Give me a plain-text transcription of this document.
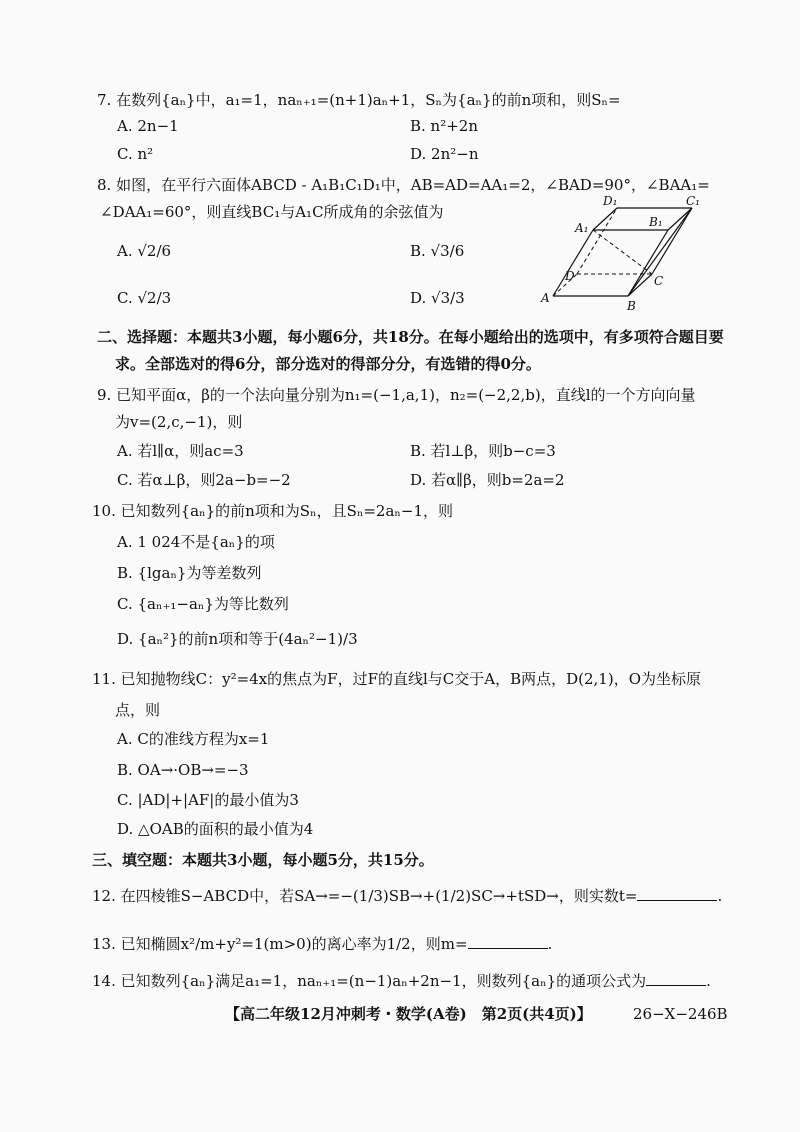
7. 在数列{aₙ}中，a₁=1，naₙ₊₁=(n+1)aₙ+1，Sₙ为{aₙ}的前n项和，则Sₙ=
A. 2n−1	B. n²+2n
C. n²	D. 2n²−n
8. 如图，在平行六面体ABCD - A₁B₁C₁D₁中，AB=AD=AA₁=2，∠BAD=90°，∠BAA₁=
∠DAA₁=60°，则直线BC₁与A₁C所成角的余弦值为
A. √2/6	B. √3/6
C. √2/3	D. √3/3	A
B
C
D
A₁	B₁
C₁
D₁
二、选择题：本题共3小题，每小题6分，共18分。在每小题给出的选项中，有多项符合题目要
求。全部选对的得6分，部分选对的得部分分，有选错的得0分。
9. 已知平面α，β的一个法向量分别为n₁=(−1,a,1)，n₂=(−2,2,b)，直线l的一个方向向量
为v=(2,c,−1)，则
A. 若l∥α，则ac=3	B. 若l⊥β，则b−c=3
C. 若α⊥β，则2a−b=−2	D. 若α∥β，则b=2a=2
10. 已知数列{aₙ}的前n项和为Sₙ，且Sₙ=2aₙ−1，则
A. 1 024不是{aₙ}的项
B. {lgaₙ}为等差数列
C. {aₙ₊₁−aₙ}为等比数列
D. {aₙ²}的前n项和等于(4aₙ²−1)/3
11. 已知抛物线C：y²=4x的焦点为F，过F的直线l与C交于A，B两点，D(2,1)，O为坐标原
点，则
A. C的准线方程为x=1
B. OA→·OB→=−3
C. |AD|+|AF|的最小值为3
D. △OAB的面积的最小值为4
三、填空题：本题共3小题，每小题5分，共15分。
12. 在四棱锥S−ABCD中，若SA→=−(1/3)SB→+(1/2)SC→+tSD→，则实数t=	.
13. 已知椭圆x²/m+y²=1(m>0)的离心率为1/2，则m=	.
14. 已知数列{aₙ}满足a₁=1，naₙ₊₁=(n−1)aₙ+2n−1，则数列{aₙ}的通项公式为	.
【高二年级12月冲刺考・数学(A卷)　第2页(共4页)】	26−X−246B
